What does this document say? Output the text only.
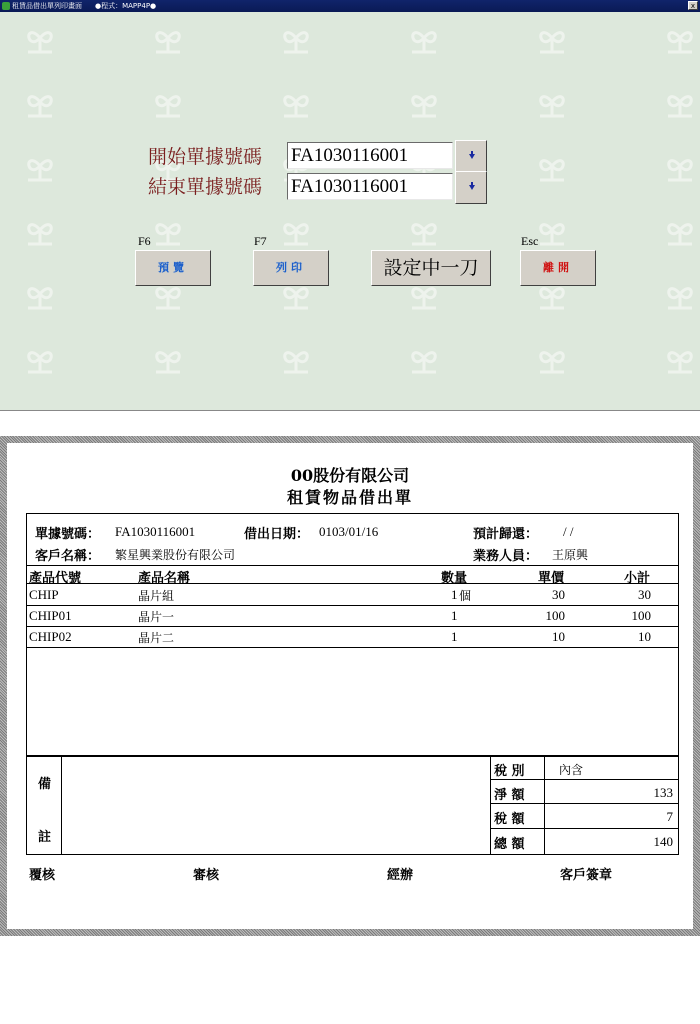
租賃品借出單列印畫面 ●程式：MAPP4P●	x
開始單據號碼 FA1030116001
結束單據號碼 FA1030116001
F6
預覽
F7
列印	設定中一刀
Esc
離開
00股份有限公司
租賃物品借出單
單據號碼： FA1030116001	借出日期： 0103/01/16	預計歸還： / /
客戶名稱： 繁星興業股份有限公司	業務人員： 王原興
產品代號	產品名稱	數量	單價	小計
CHIP	晶片組	1 個	30	30
CHIP01	晶片一	1	100	100
CHIP02	晶片二	1	10	10
備
註
稅 別	內含
淨 額	133
稅 額	7
總 額	140
覆核	審核	經辦	客戶簽章
